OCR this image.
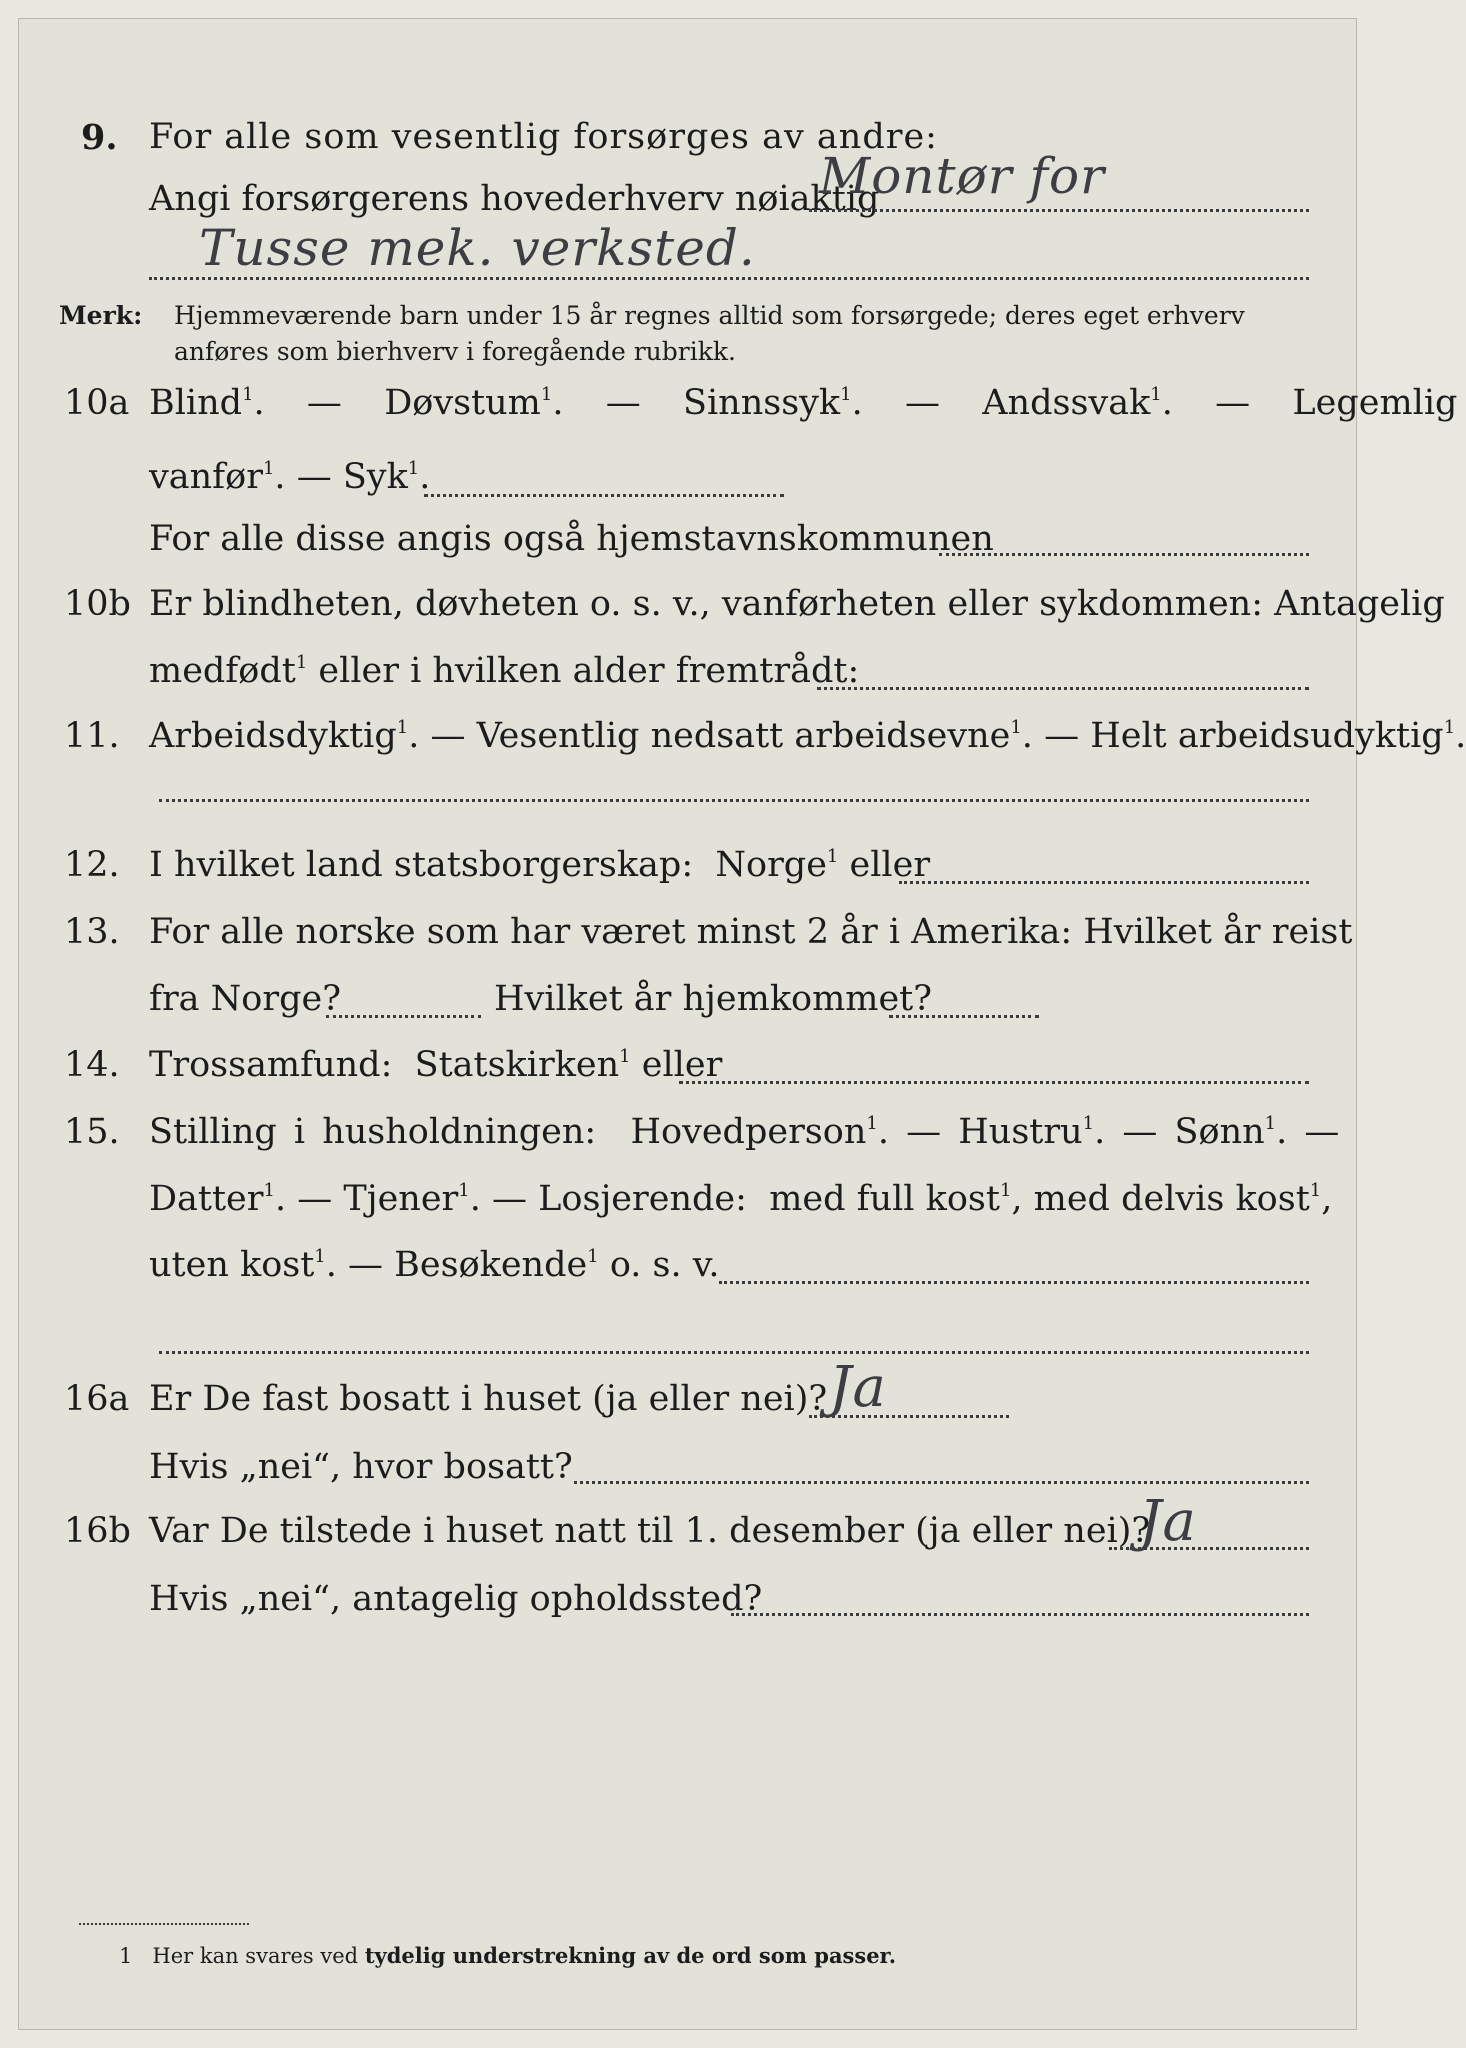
9. For alle som vesentlig forsørges av andre:
Angi forsørgerens hovederhverv nøiaktig
Montør for
Tusse mek. verksted.
Merk: Hjemmeværende barn under 15 år regnes alltid som forsørgede; deres eget erhverv
anføres som bierhverv i foregående rubrikk.
10a Blind$^1$. — Døvstum$^1$. — Sinnssyk$^1$. — Andssvak$^1$. — Legemlig
vanfør$^1$. — Syk$^1$.
For alle disse angis også hjemstavnskommunen
10b Er blindheten, døvheten o. s. v., vanførheten eller sykdommen: Antagelig
medfødt$^1$ eller i hvilken alder fremtrådt:
11. Arbeidsdyktig$^1$. — Vesentlig nedsatt arbeidsevne$^1$. — Helt arbeidsudyktig$^1$.
12. I hvilket land statsborgerskap: Norge$^1$ eller
13. For alle norske som har været minst 2 år i Amerika: Hvilket år reist
fra Norge?	Hvilket år hjemkommet?
14. Trossamfund: Statskirken$^1$ eller
15. Stilling i husholdningen: Hovedperson$^1$. — Hustru$^1$. — Sønn$^1$. —
Datter$^1$. — Tjener$^1$. — Losjerende: med full kost$^1$, med delvis kost$^1$,
uten kost$^1$. — Besøkende$^1$ o. s. v.
16a Er De fast bosatt i huset (ja eller nei)? Ja
Hvis „nei“, hvor bosatt?
16b Var De tilstede i huset natt til 1. desember (ja eller nei)?
Ja
Hvis „nei“, antagelig opholdssted?
1 Her kan svares ved tydelig understrekning av de ord som passer.
